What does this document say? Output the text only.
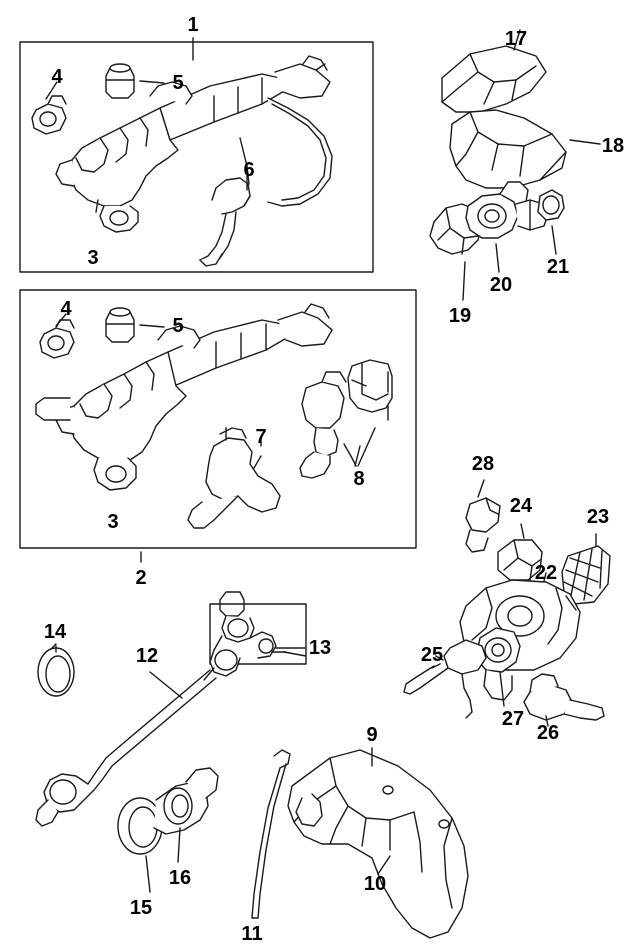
1
2
3
3
4
4
5
5
6
7
8
9
10
11
12	13
14
15
16
17
18
19
20
21
22
23
24
25
26
27
28
